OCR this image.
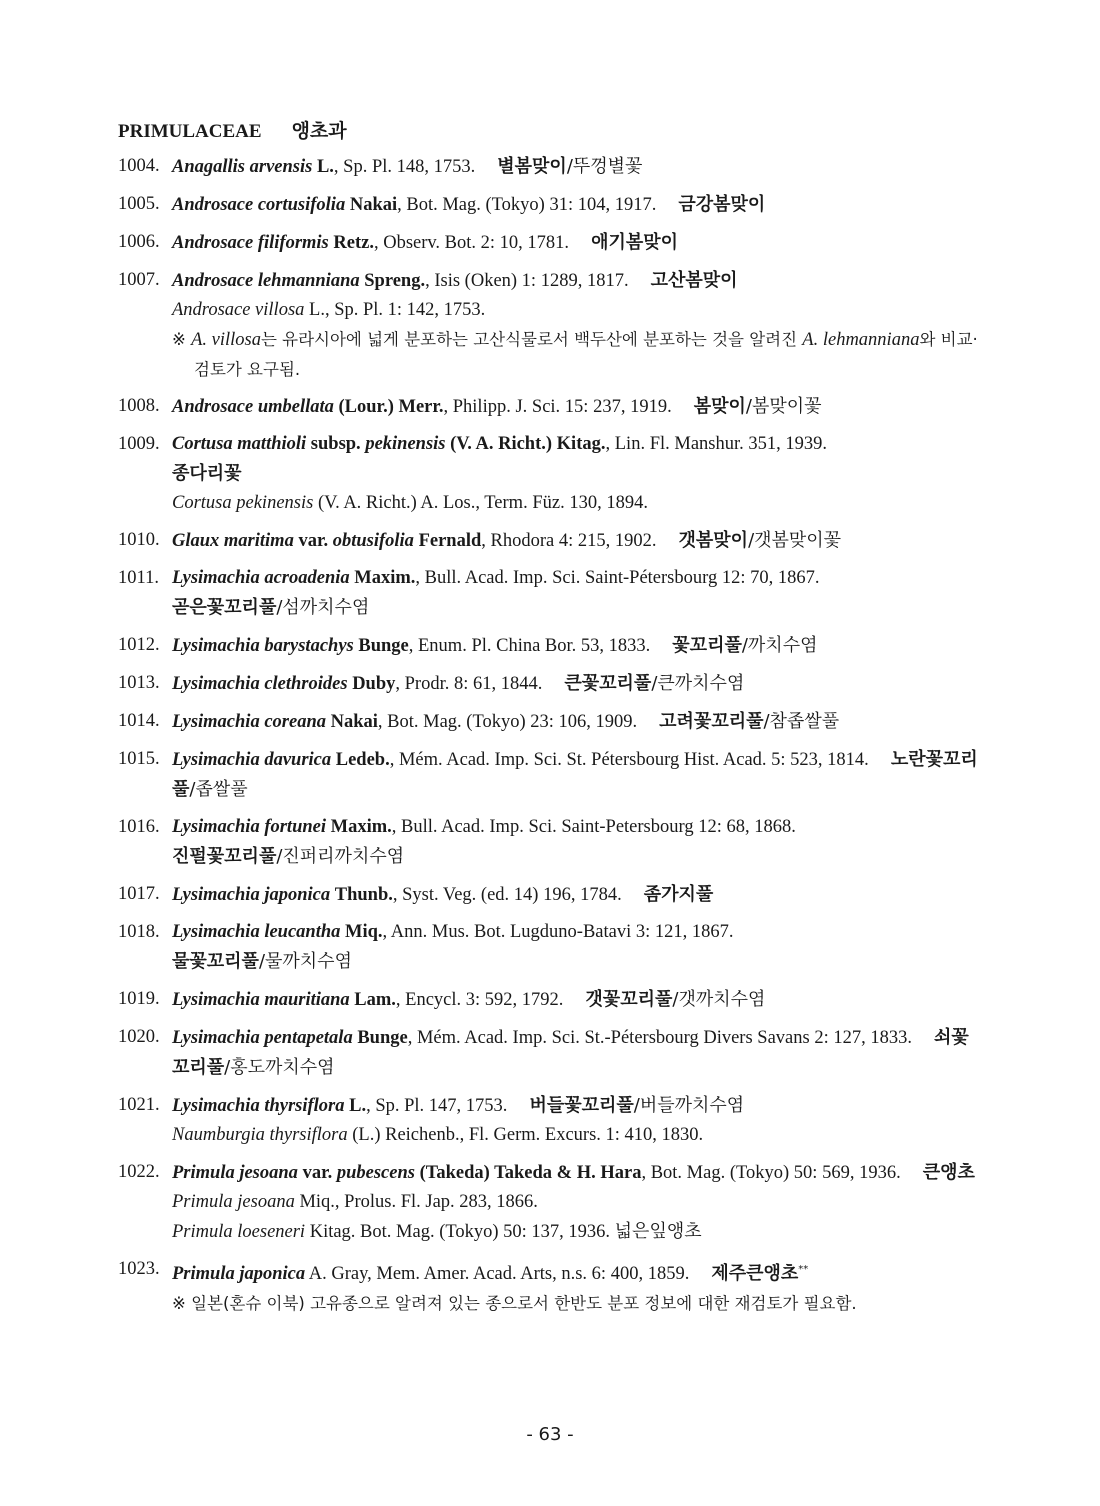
PRIMULACEAE 앵초과
1004. Anagallis arvensis L., Sp. Pl. 148, 1753. 별봄맞이/뚜껑별꽃
1005. Androsace cortusifolia Nakai, Bot. Mag. (Tokyo) 31: 104, 1917. 금강봄맞이
1006. Androsace filiformis Retz., Observ. Bot. 2: 10, 1781. 애기봄맞이
1007. Androsace lehmanniana Spreng., Isis (Oken) 1: 1289, 1817. 고산봄맞이
Androsace villosa L., Sp. Pl. 1: 142, 1753.
※ A. villosa는 유라시아에 넓게 분포하는 고산식물로서 백두산에 분포하는 것을 알려진 A. lehmanniana와 비교·검토가 요구됨.
1008. Androsace umbellata (Lour.) Merr., Philipp. J. Sci. 15: 237, 1919. 봄맞이/봄맞이꽃
1009. Cortusa matthioli subsp. pekinensis (V. A. Richt.) Kitag., Lin. Fl. Manshur. 351, 1939.
종다리꽃
Cortusa pekinensis (V. A. Richt.) A. Los., Term. Füz. 130, 1894.
1010. Glaux maritima var. obtusifolia Fernald, Rhodora 4: 215, 1902. 갯봄맞이/갯봄맞이꽃
1011. Lysimachia acroadenia Maxim., Bull. Acad. Imp. Sci. Saint-Pétersbourg 12: 70, 1867.
곧은꽃꼬리풀/섬까치수염
1012. Lysimachia barystachys Bunge, Enum. Pl. China Bor. 53, 1833. 꽃꼬리풀/까치수염
1013. Lysimachia clethroides Duby, Prodr. 8: 61, 1844. 큰꽃꼬리풀/큰까치수염
1014. Lysimachia coreana Nakai, Bot. Mag. (Tokyo) 23: 106, 1909. 고려꽃꼬리풀/참좁쌀풀
1015. Lysimachia davurica Ledeb., Mém. Acad. Imp. Sci. St. Pétersbourg Hist. Acad. 5: 523, 1814. 노란꽃꼬리풀/좁쌀풀
1016. Lysimachia fortunei Maxim., Bull. Acad. Imp. Sci. Saint-Petersbourg 12: 68, 1868.
진펄꽃꼬리풀/진퍼리까치수염
1017. Lysimachia japonica Thunb., Syst. Veg. (ed. 14) 196, 1784. 좀가지풀
1018. Lysimachia leucantha Miq., Ann. Mus. Bot. Lugduno-Batavi 3: 121, 1867.
물꽃꼬리풀/물까치수염
1019. Lysimachia mauritiana Lam., Encycl. 3: 592, 1792. 갯꽃꼬리풀/갯까치수염
1020. Lysimachia pentapetala Bunge, Mém. Acad. Imp. Sci. St.-Pétersbourg Divers Savans 2: 127, 1833. 쇠꽃꼬리풀/홍도까치수염
1021. Lysimachia thyrsiflora L., Sp. Pl. 147, 1753. 버들꽃꼬리풀/버들까치수염
Naumburgia thyrsiflora (L.) Reichenb., Fl. Germ. Excurs. 1: 410, 1830.
1022. Primula jesoana var. pubescens (Takeda) Takeda & H. Hara, Bot. Mag. (Tokyo) 50: 569, 1936. 큰앵초
Primula jesoana Miq., Prolus. Fl. Jap. 283, 1866.
Primula loeseneri Kitag. Bot. Mag. (Tokyo) 50: 137, 1936. 넓은잎앵초
1023. Primula japonica A. Gray, Mem. Amer. Acad. Arts, n.s. 6: 400, 1859. 제주큰앵초**
※ 일본(혼슈 이북) 고유종으로 알려져 있는 종으로서 한반도 분포 정보에 대한 재검토가 필요함.
- 63 -
